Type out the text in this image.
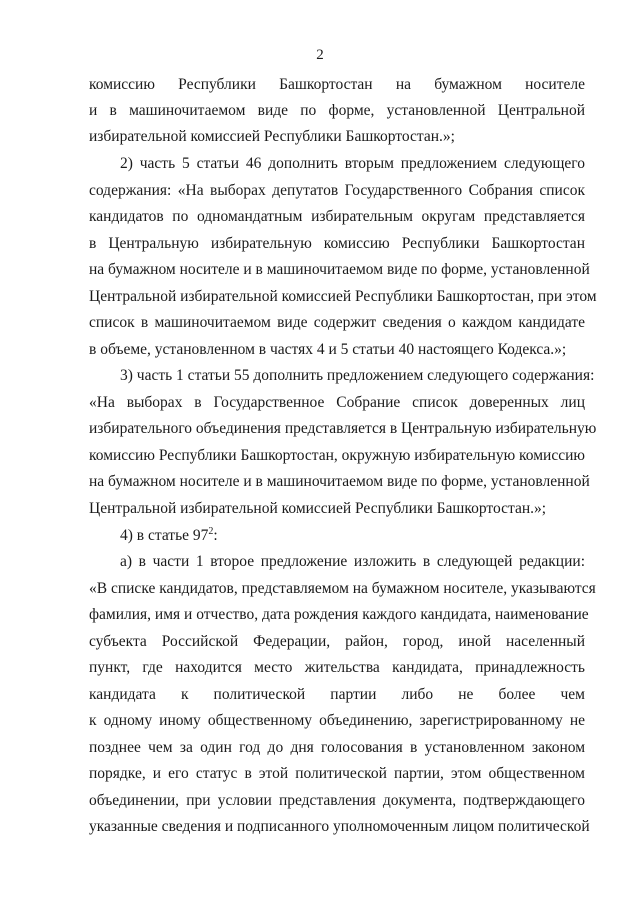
2
комиссию Республики Башкортостан на бумажном носителе
и в машиночитаемом виде по форме, установленной Центральной
избирательной комиссией Республики Башкортостан.»;
2) часть 5 статьи 46 дополнить вторым предложением следующего
содержания: «На выборах депутатов Государственного Собрания список
кандидатов по одномандатным избирательным округам представляется
в Центральную избирательную комиссию Республики Башкортостан
на бумажном носителе и в машиночитаемом виде по форме, установленной
Центральной избирательной комиссией Республики Башкортостан, при этом
список в машиночитаемом виде содержит сведения о каждом кандидате
в объеме, установленном в частях 4 и 5 статьи 40 настоящего Кодекса.»;
3) часть 1 статьи 55 дополнить предложением следующего содержания:
«На выборах в Государственное Собрание список доверенных лиц
избирательного объединения представляется в Центральную избирательную
комиссию Республики Башкортостан, окружную избирательную комиссию
на бумажном носителе и в машиночитаемом виде по форме, установленной
Центральной избирательной комиссией Республики Башкортостан.»;
4) в статье $97^2$:
а) в части 1 второе предложение изложить в следующей редакции:
«В списке кандидатов, представляемом на бумажном носителе, указываются
фамилия, имя и отчество, дата рождения каждого кандидата, наименование
субъекта Российской Федерации, район, город, иной населенный
пункт, где находится место жительства кандидата, принадлежность
кандидата к политической партии либо не более чем
к одному иному общественному объединению, зарегистрированному не
позднее чем за один год до дня голосования в установленном законом
порядке, и его статус в этой политической партии, этом общественном
объединении, при условии представления документа, подтверждающего
указанные сведения и подписанного уполномоченным лицом политической
